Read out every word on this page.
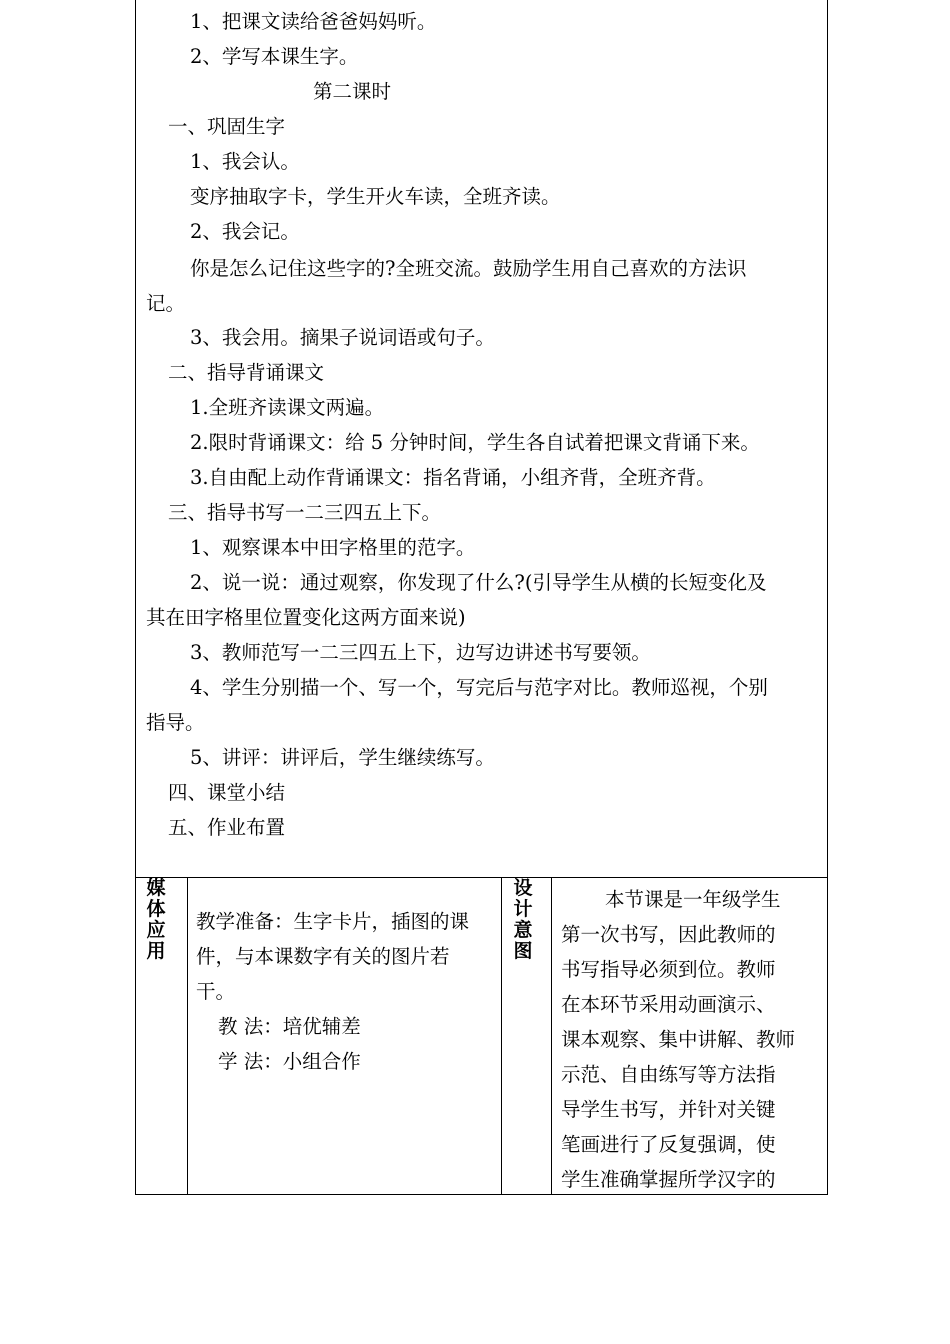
1、把课文读给爸爸妈妈听。
2、学写本课生字。
第二课时
一、巩固生字
1、我会认。
变序抽取字卡，学生开火车读，全班齐读。
2、我会记。
你是怎么记住这些字的?全班交流。鼓励学生用自己喜欢的方法识
记。
3、我会用。摘果子说词语或句子。
二、指导背诵课文
1.全班齐读课文两遍。
2.限时背诵课文：给 5 分钟时间，学生各自试着把课文背诵下来。
3.自由配上动作背诵课文：指名背诵，小组齐背，全班齐背。
三、指导书写一二三四五上下。
1、观察课本中田字格里的范字。
2、说一说：通过观察，你发现了什么?(引导学生从横的长短变化及
其在田字格里位置变化这两方面来说)
3、教师范写一二三四五上下，边写边讲述书写要领。
4、学生分别描一个、写一个，写完后与范字对比。教师巡视，个别
指导。
5、讲评：讲评后，学生继续练写。
四、课堂小结
五、作业布置
媒
体
应
用
教学准备：生字卡片，插图的课
件，与本课数字有关的图片若
干。
教 法：培优辅差
学 法：小组合作
设
计
意
图
本节课是一年级学生
第一次书写，因此教师的
书写指导必须到位。教师
在本环节采用动画演示、
课本观察、集中讲解、教师
示范、自由练写等方法指
导学生书写，并针对关键
笔画进行了反复强调，使
学生准确掌握所学汉字的
